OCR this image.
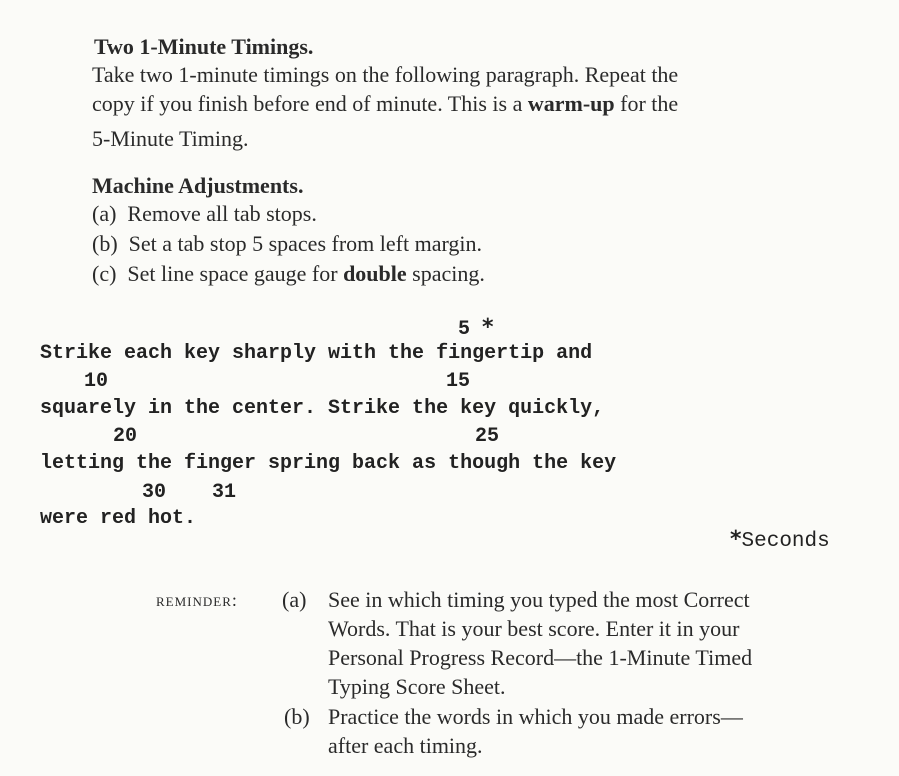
Two 1-Minute Timings.
Take two 1-minute timings on the following paragraph. Repeat the
copy if you finish before end of minute. This is a warm-up for the
5-Minute Timing.
Machine Adjustments.
(a) Remove all tab stops.
(b) Set a tab stop 5 spaces from left margin.
(c) Set line space gauge for double spacing.
5 *
Strike each key sharply with the fingertip and
10	15
squarely in the center. Strike the key quickly,
20	25
letting the finger spring back as though the key
30 31
were red hot.
*Seconds
reminder: (a) See in which timing you typed the most Correct
Words. That is your best score. Enter it in your
Personal Progress Record—the 1-Minute Timed
Typing Score Sheet.
(b) Practice the words in which you made errors—
after each timing.
